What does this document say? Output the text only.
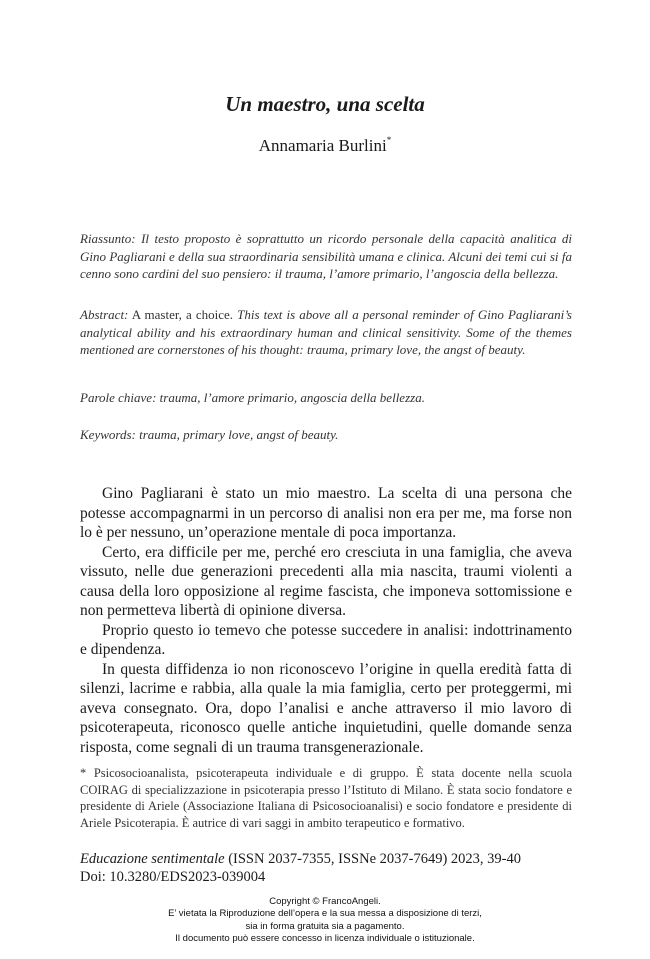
Un maestro, una scelta
Annamaria Burlini*

Riassunto: Il testo proposto è soprattutto un ricordo personale della capacità analitica di Gino Pagliarani e della sua straordinaria sensibilità umana e clinica. Alcuni dei temi cui si fa cenno sono cardini del suo pensiero: il trauma, l’amore primario, l’angoscia della bellezza.

Abstract: A master, a choice. This text is above all a personal reminder of Gino Pagliarani’s analytical ability and his extraordinary human and clinical sensitivity. Some of the themes mentioned are cornerstones of his thought: trauma, primary love, the angst of beauty.

Parole chiave: trauma, l’amore primario, angoscia della bellezza.

Keywords: trauma, primary love, angst of beauty.

Gino Pagliarani è stato un mio maestro. La scelta di una persona che potesse accompagnarmi in un percorso di analisi non era per me, ma forse non lo è per nessuno, un’operazione mentale di poca importanza.

Certo, era difficile per me, perché ero cresciuta in una famiglia, che aveva vissuto, nelle due generazioni precedenti alla mia nascita, traumi violenti a causa della loro opposizione al regime fascista, che imponeva sottomissione e non permetteva libertà di opinione diversa.

Proprio questo io temevo che potesse succedere in analisi: indottrinamento e dipendenza.

In questa diffidenza io non riconoscevo l’origine in quella eredità fatta di silenzi, lacrime e rabbia, alla quale la mia famiglia, certo per proteggermi, mi aveva consegnato. Ora, dopo l’analisi e anche attraverso il mio lavoro di psicoterapeuta, riconosco quelle antiche inquietudini, quelle domande senza risposta, come segnali di un trauma transgenerazionale.

* Psicosocioanalista, psicoterapeuta individuale e di gruppo. È stata docente nella scuola COIRAG di specializzazione in psicoterapia presso l’Istituto di Milano. È stata socio fondatore e presidente di Ariele (Associazione Italiana di Psicosocioanalisi) e socio fondatore e presidente di Ariele Psicoterapia. È autrice di vari saggi in ambito terapeutico e formativo.

Educazione sentimentale (ISSN 2037-7355, ISSNe 2037-7649) 2023, 39-40
Doi: 10.3280/EDS2023-039004
Copyright © FrancoAngeli.
E’ vietata la Riproduzione dell’opera e la sua messa a disposizione di terzi,
sia in forma gratuita sia a pagamento.
Il documento può essere concesso in licenza individuale o istituzionale.
